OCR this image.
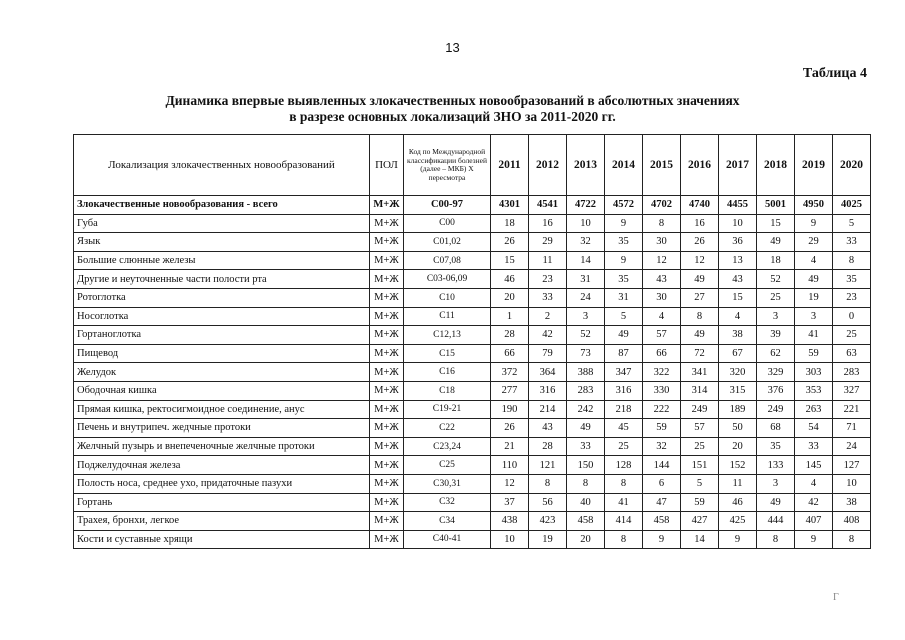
13
Таблица 4
Динамика впервые выявленных злокачественных новообразований в абсолютных значениях
в разрезе основных локализаций ЗНО за 2011-2020 гг.
Локализация злокачественных новообразований	ПОЛ	Код по Международной классификации болезней (далее – МКБ) X пересмотра	2011	2012	2013	2014	2015	2016	2017	2018	2019	2020
Злокачественные новообразования - всего	М+Ж	С00-97	4301	4541	4722	4572	4702	4740	4455	5001	4950	4025
Губа	М+Ж	С00	18	16	10	9	8	16	10	15	9	5
Язык	М+Ж	С01,02	26	29	32	35	30	26	36	49	29	33
Большие слюнные железы	М+Ж	С07,08	15	11	14	9	12	12	13	18	4	8
Другие и неуточненные части полости рта	М+Ж	С03-06,09	46	23	31	35	43	49	43	52	49	35
Ротоглотка	М+Ж	С10	20	33	24	31	30	27	15	25	19	23
Носоглотка	М+Ж	С11	1	2	3	5	4	8	4	3	3	0
Гортаноглотка	М+Ж	С12,13	28	42	52	49	57	49	38	39	41	25
Пищевод	М+Ж	С15	66	79	73	87	66	72	67	62	59	63
Желудок	М+Ж	С16	372	364	388	347	322	341	320	329	303	283
Ободочная кишка	М+Ж	С18	277	316	283	316	330	314	315	376	353	327
Прямая кишка, ректосигмоидное соединение, анус	М+Ж	С19-21	190	214	242	218	222	249	189	249	263	221
Печень и внутрипеч. жедчные протоки	М+Ж	С22	26	43	49	45	59	57	50	68	54	71
Желчный пузырь и внепеченочные желчные протоки	М+Ж	С23,24	21	28	33	25	32	25	20	35	33	24
Поджелудочная железа	М+Ж	С25	110	121	150	128	144	151	152	133	145	127
Полость носа, среднее ухо, придаточные пазухи	М+Ж	С30,31	12	8	8	8	6	5	11	3	4	10
Гортань	М+Ж	С32	37	56	40	41	47	59	46	49	42	38
Трахея, бронхи, легкое	М+Ж	С34	438	423	458	414	458	427	425	444	407	408
Кости и суставные хрящи	М+Ж	С40-41	10	19	20	8	9	14	9	8	9	8
Γ
